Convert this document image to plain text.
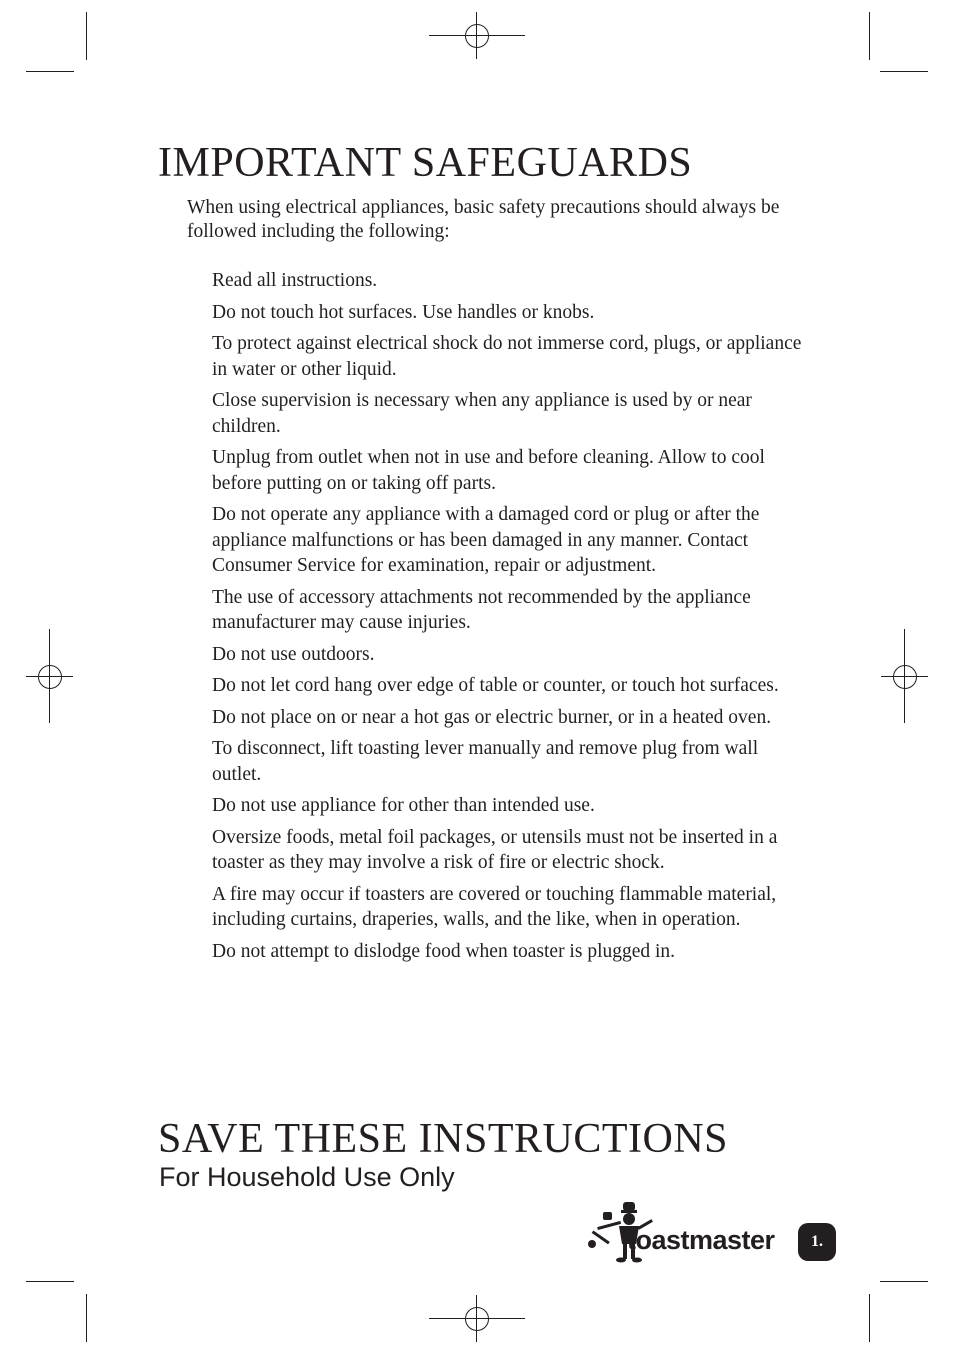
IMPORTANT SAFEGUARDS

When using electrical appliances, basic safety precautions should always be followed including the following:

Read all instructions.
Do not touch hot surfaces. Use handles or knobs.
To protect against electrical shock do not immerse cord, plugs, or appliance in water or other liquid.
Close supervision is necessary when any appliance is used by or near children.
Unplug from outlet when not in use and before cleaning. Allow to cool before putting on or taking off parts.
Do not operate any appliance with a damaged cord or plug or after the appliance malfunctions or has been damaged in any manner. Contact Consumer Service for examination, repair or adjustment.
The use of accessory attachments not recommended by the appliance manufacturer may cause injuries.
Do not use outdoors.
Do not let cord hang over edge of table or counter, or touch hot surfaces.
Do not place on or near a hot gas or electric burner, or in a heated oven.
To disconnect, lift toasting lever manually and remove plug from wall outlet.
Do not use appliance for other than intended use.
Oversize foods, metal foil packages, or utensils must not be inserted in a toaster as they may involve a risk of fire or electric shock.
A fire may occur if toasters are covered or touching flammable material, including curtains, draperies, walls, and the like, when in operation.
Do not attempt to dislodge food when toaster is plugged in.
SAVE THESE INSTRUCTIONS

For Household Use Only

toastmaster	1.
